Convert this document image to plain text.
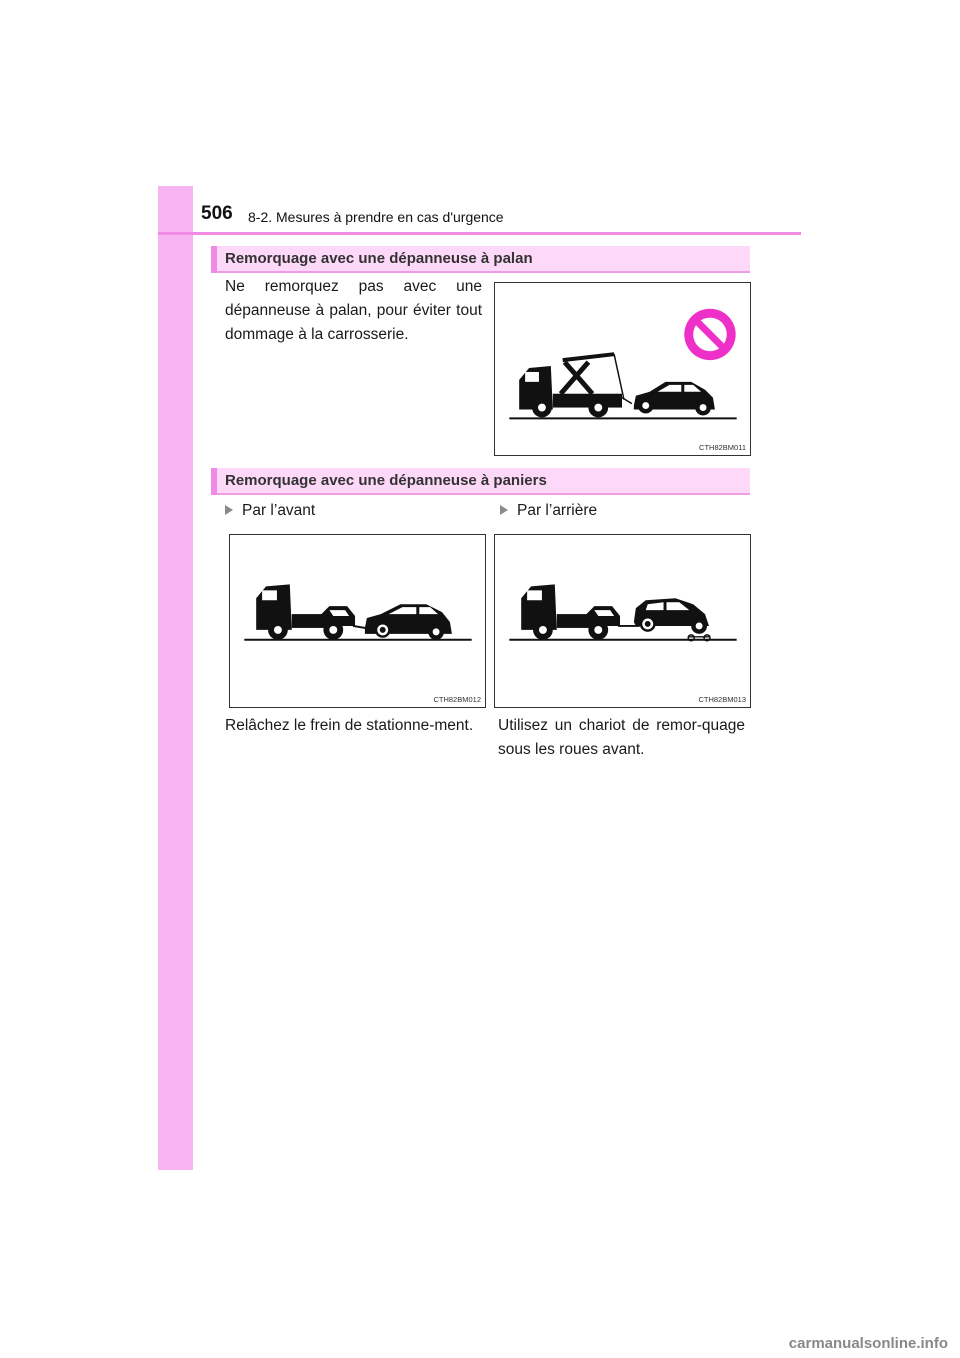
506 8-2. Mesures à prendre en cas d'urgence
Remorquage avec une dépanneuse à palan
Ne remorquez pas avec une dépanneuse à palan, pour éviter tout dommage à la carrosserie.
CTH82BM011
Remorquage avec une dépanneuse à paniers
Par l’avant	Par l’arrière
CTH82BM012	CTH82BM013
Relâchez le frein de stationne-ment.	Utilisez un chariot de remor-quage sous les roues avant.
carmanualsonline.info
